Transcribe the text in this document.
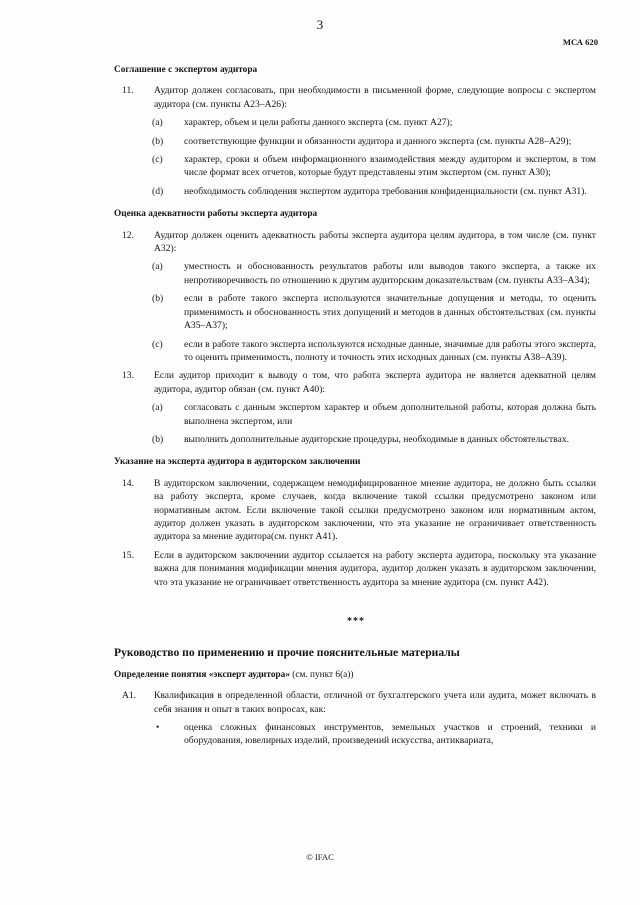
3
МСА 620
Соглашение с экспертом аудитора
11. Аудитор должен согласовать, при необходимости в письменной форме, следующие вопросы с экспертом аудитора (см. пункты А23–А26):
(a) характер, объем и цели работы данного эксперта (см. пункт А27);
(b) соответствующие функции и обязанности аудитора и данного эксперта (см. пункты А28–А29);
(c) характер, сроки и объем информационного взаимодействия между аудитором и экспертом, в том числе формат всех отчетов, которые будут представлены этим экспертом (см. пункт А30);
(d) необходимость соблюдения экспертом аудитора требования конфиденциальности (см. пункт А31).
Оценка адекватности работы эксперта аудитора
12. Аудитор должен оценить адекватность работы эксперта аудитора целям аудитора, в том числе (см. пункт А32):
(a) уместность и обоснованность результатов работы или выводов такого эксперта, а также их непротиворечивость по отношению к другим аудиторским доказательствам (см. пункты А33–А34);
(b) если в работе такого эксперта используются значительные допущения и методы, то оценить применимость и обоснованность этих допущений и методов в данных обстоятельствах (см. пункты А35–А37);
(c) если в работе такого эксперта используются исходные данные, значимые для работы этого эксперта, то оценить применимость, полноту и точность этих исходных данных (см. пункты А38–А39).
13. Если аудитор приходит к выводу о том, что работа эксперта аудитора не является адекватной целям аудитора, аудитор обязан (см. пункт А40):
(a) согласовать с данным экспертом характер и объем дополнительной работы, которая должна быть выполнена экспертом, или
(b) выполнить дополнительные аудиторские процедуры, необходимые в данных обстоятельствах.
Указание на эксперта аудитора в аудиторском заключении
14. В аудиторском заключении, содержащем немодифицированное мнение аудитора, не должно быть ссылки на работу эксперта, кроме случаев, когда включение такой ссылки предусмотрено законом или нормативным актом. Если включение такой ссылки предусмотрено законом или нормативным актом, аудитор должен указать в аудиторском заключении, что эта указание не ограничивает ответственность аудитора за мнение аудитора(см. пункт А41).
15. Если в аудиторском заключении аудитор ссылается на работу эксперта аудитора, поскольку эта указание важна для понимания модификации мнения аудитора, аудитор должен указать в аудиторском заключении, что эта указание не ограничивает ответственность аудитора за мнение аудитора (см. пункт А42).
***
Руководство по применению и прочие пояснительные материалы
Определение понятия «эксперт аудитора» (см. пункт 6(a))
А1. Квалификация в определенной области, отличной от бухгалтерского учета или аудита, может включать в себя знания и опыт в таких вопросах, как:
•	оценка сложных финансовых инструментов, земельных участков и строений, техники и оборудования, ювелирных изделий, произведений искусства, антиквариата,
© IFAC
